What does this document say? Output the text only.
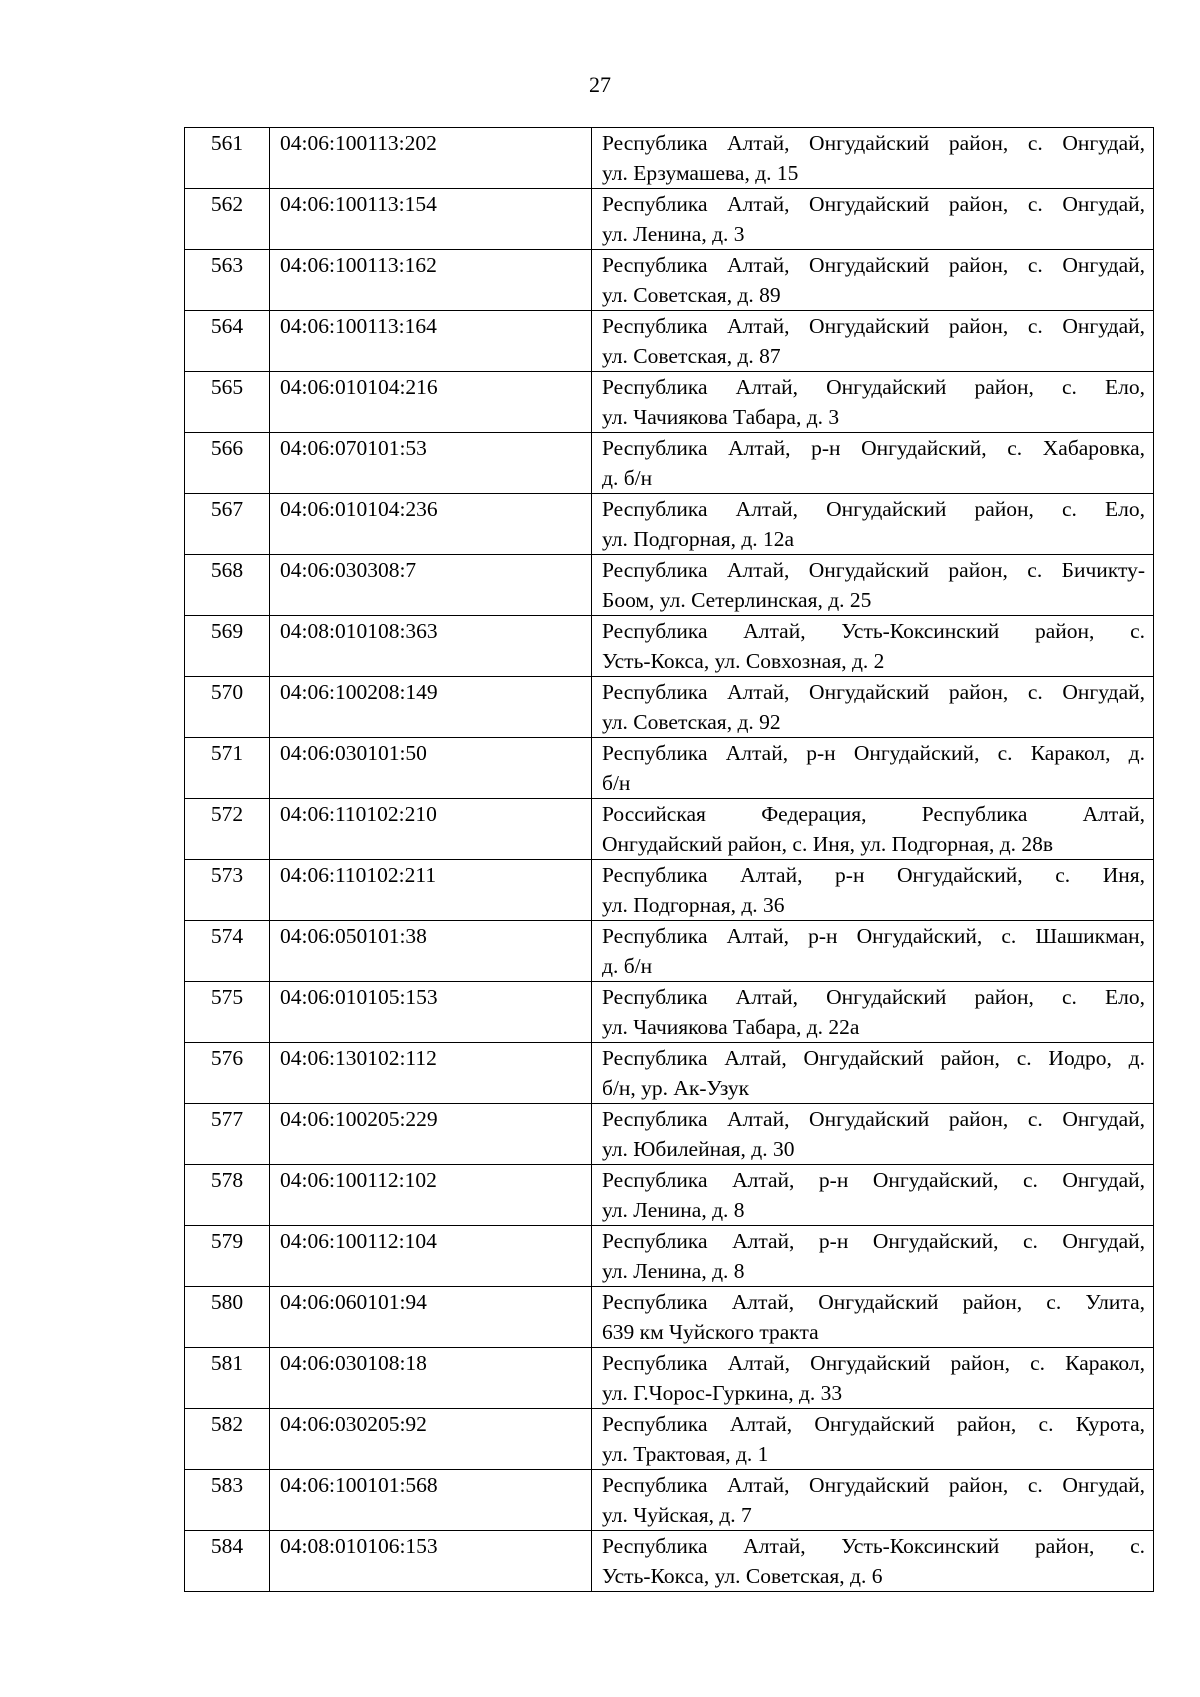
27
561	04:06:100113:202	Республика Алтай, Онгудайский район, с. Онгудай,
ул. Ерзумашева, д. 15

562	04:06:100113:154	Республика Алтай, Онгудайский район, с. Онгудай,
ул. Ленина, д. 3

563	04:06:100113:162	Республика Алтай, Онгудайский район, с. Онгудай,
ул. Советская, д. 89

564	04:06:100113:164	Республика Алтай, Онгудайский район, с. Онгудай,
ул. Советская, д. 87

565	04:06:010104:216	Республика Алтай, Онгудайский район, с. Ело,
ул. Чачиякова Табара, д. 3

566	04:06:070101:53	Республика Алтай, р-н Онгудайский, с. Хабаровка,
д. б/н

567	04:06:010104:236	Республика Алтай, Онгудайский район, с. Ело,
ул. Подгорная, д. 12а

568	04:06:030308:7	Республика Алтай, Онгудайский район, с. Бичикту-
Боом, ул. Сетерлинская, д. 25

569	04:08:010108:363	Республика Алтай, Усть-Коксинский район, с.
Усть-Кокса, ул. Совхозная, д. 2

570	04:06:100208:149	Республика Алтай, Онгудайский район, с. Онгудай,
ул. Советская, д. 92

571	04:06:030101:50	Республика Алтай, р-н Онгудайский, с. Каракол, д.
б/н

572	04:06:110102:210	Российская Федерация, Республика Алтай,
Онгудайский район, с. Иня, ул. Подгорная, д. 28в

573	04:06:110102:211	Республика Алтай, р-н Онгудайский, с. Иня,
ул. Подгорная, д. 36

574	04:06:050101:38	Республика Алтай, р-н Онгудайский, с. Шашикман,
д. б/н

575	04:06:010105:153	Республика Алтай, Онгудайский район, с. Ело,
ул. Чачиякова Табара, д. 22а

576	04:06:130102:112	Республика Алтай, Онгудайский район, с. Иодро, д.
б/н, ур. Ак-Узук

577	04:06:100205:229	Республика Алтай, Онгудайский район, с. Онгудай,
ул. Юбилейная, д. 30

578	04:06:100112:102	Республика Алтай, р-н Онгудайский, с. Онгудай,
ул. Ленина, д. 8

579	04:06:100112:104	Республика Алтай, р-н Онгудайский, с. Онгудай,
ул. Ленина, д. 8

580	04:06:060101:94	Республика Алтай, Онгудайский район, с. Улита,
639 км Чуйского тракта

581	04:06:030108:18	Республика Алтай, Онгудайский район, с. Каракол,
ул. Г.Чорос-Гуркина, д. 33

582	04:06:030205:92	Республика Алтай, Онгудайский район, с. Курота,
ул. Трактовая, д. 1

583	04:06:100101:568	Республика Алтай, Онгудайский район, с. Онгудай,
ул. Чуйская, д. 7

584	04:08:010106:153	Республика Алтай, Усть-Коксинский район, с.
Усть-Кокса, ул. Советская, д. 6
